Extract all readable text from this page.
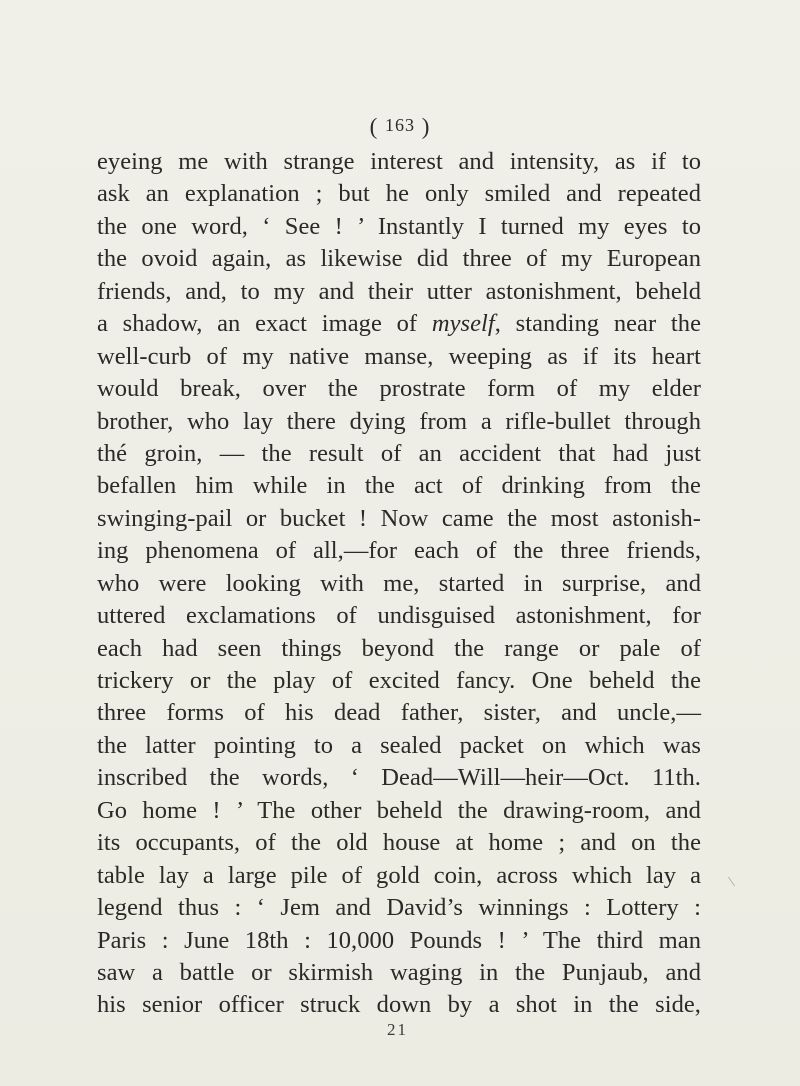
( 163 )
eyeing me with strange interest and intensity, as if to
ask an explanation ; but he only smiled and repeated
the one word, ‘ See ! ’ Instantly I turned my eyes to
the ovoid again, as likewise did three of my European
friends, and, to my and their utter astonishment, beheld
a shadow, an exact image of myself, standing near the
well-curb of my native manse, weeping as if its heart
would break, over the prostrate form of my elder
brother, who lay there dying from a rifle-bullet through
thé groin, — the result of an accident that had just
befallen him while in the act of drinking from the
swinging-pail or bucket ! Now came the most astonish-
ing phenomena of all,—for each of the three friends,
who were looking with me, started in surprise, and
uttered exclamations of undisguised astonishment, for
each had seen things beyond the range or pale of
trickery or the play of excited fancy. One beheld the
three forms of his dead father, sister, and uncle,—
the latter pointing to a sealed packet on which was
inscribed the words, ‘ Dead—Will—heir—Oct. 11th.
Go home ! ’ The other beheld the drawing-room, and
its occupants, of the old house at home ; and on the
table lay a large pile of gold coin, across which lay a
legend thus : ‘ Jem and David’s winnings : Lottery :
Paris : June 18th : 10,000 Pounds ! ’ The third man
saw a battle or skirmish waging in the Punjaub, and
his senior officer struck down by a shot in the side,
21
